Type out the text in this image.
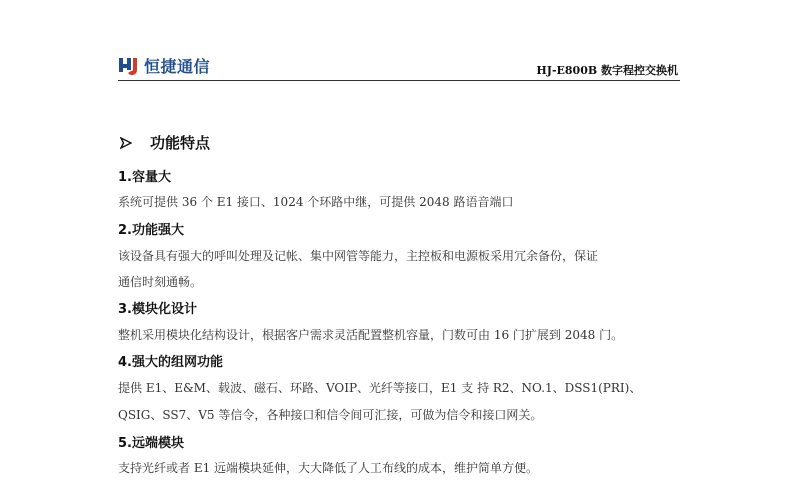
恒捷通信	HJ-E800B 数字程控交换机
功能特点
1.容量大
系统可提供 36 个 E1 接口、1024 个环路中继，可提供 2048 路语音端口
2.功能强大
该设备具有强大的呼叫处理及记帐、集中网管等能力，主控板和电源板采用冗余备份，保证
通信时刻通畅。
3.模块化设计
整机采用模块化结构设计，根据客户需求灵活配置整机容量，门数可由 16 门扩展到 2048 门。
4.强大的组网功能
提供 E1、E&M、载波、磁石、环路、VOIP、光纤等接口，E1 支 持 R2、NO.1、DSS1(PRI)、
QSIG、SS7、V5 等信令，各种接口和信令间可汇接，可做为信令和接口网关。
5.远端模块
支持光纤或者 E1 远端模块延伸，大大降低了人工布线的成本，维护简单方便。
